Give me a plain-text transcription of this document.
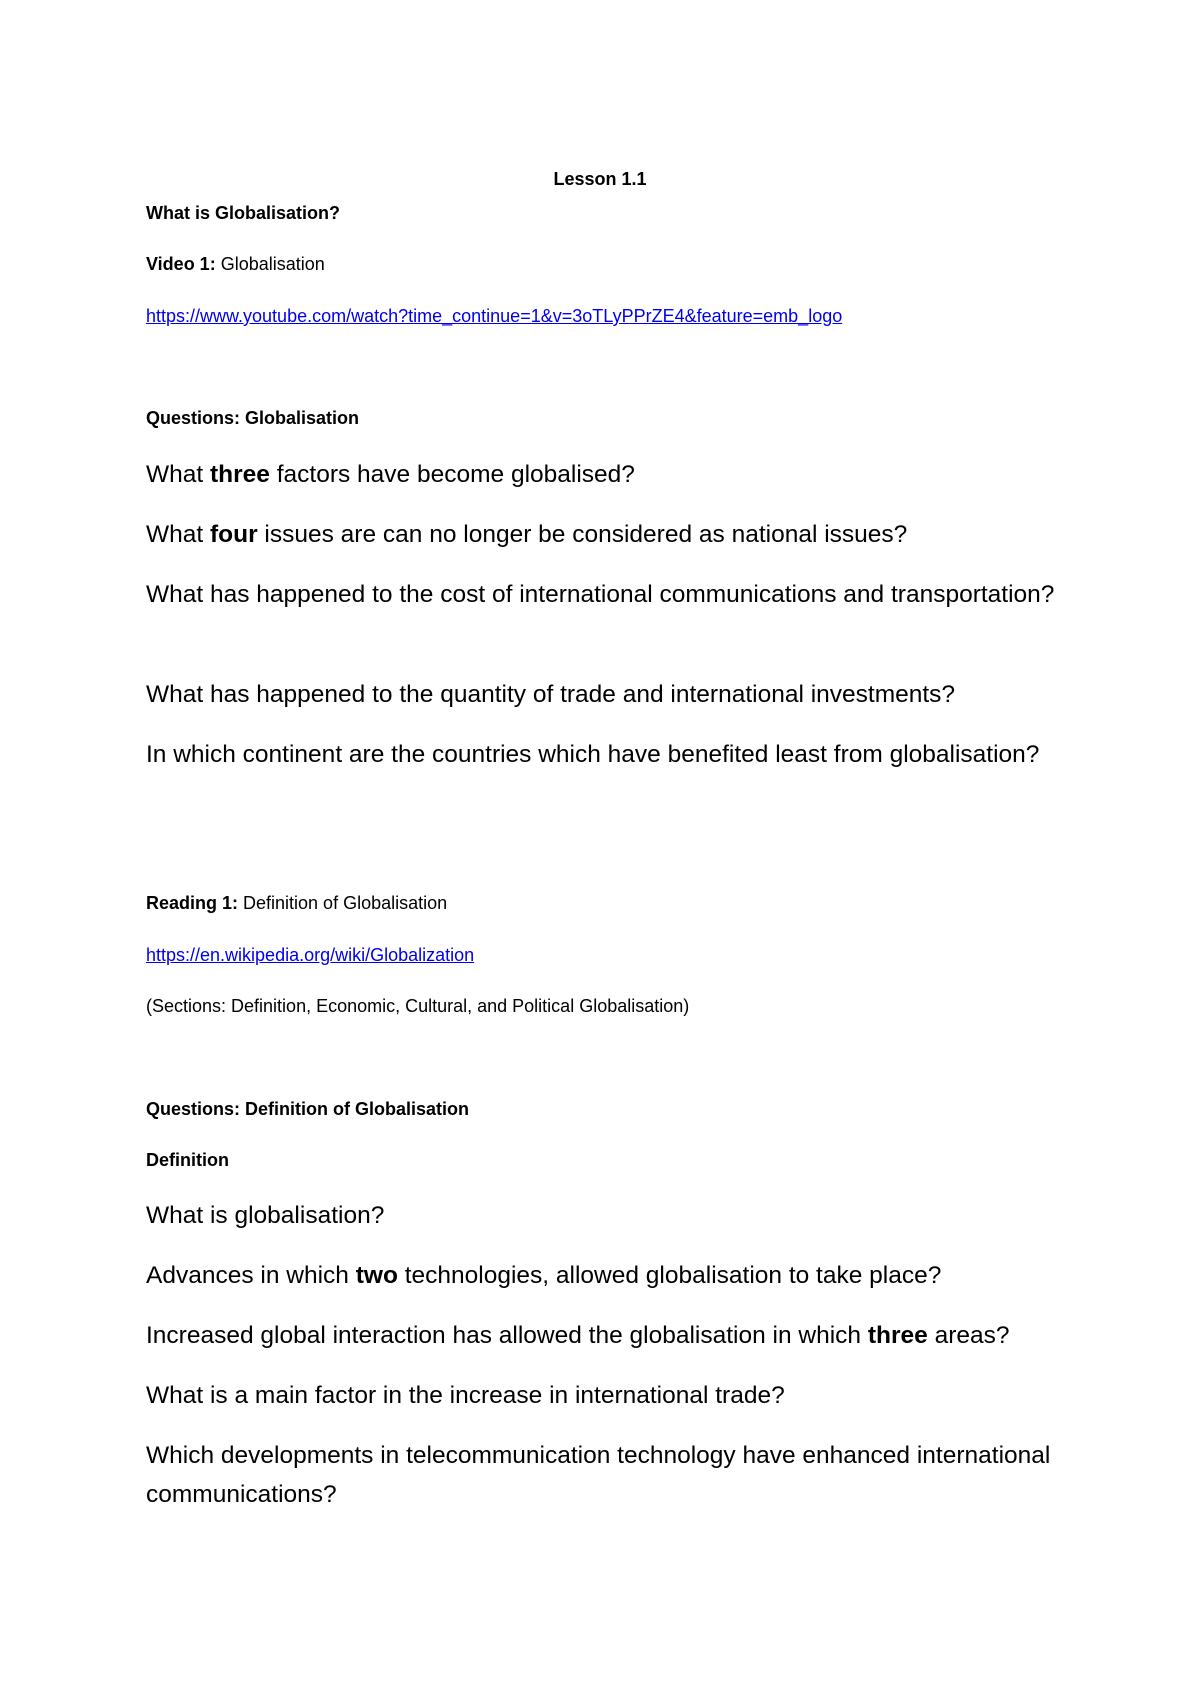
Lesson 1.1

What is Globalisation?

Video 1: Globalisation

https://www.youtube.com/watch?time_continue=1&v=3oTLyPPrZE4&feature=emb_logo

Questions: Globalisation

What three factors have become globalised?

What four issues are can no longer be considered as national issues?

What has happened to the cost of international communications and transportation?

What has happened to the quantity of trade and international investments?

In which continent are the countries which have benefited least from globalisation?

Reading 1: Definition of Globalisation

https://en.wikipedia.org/wiki/Globalization

(Sections: Definition, Economic, Cultural, and Political Globalisation)

Questions: Definition of Globalisation

Definition

What is globalisation?

Advances in which two technologies, allowed globalisation to take place?

Increased global interaction has allowed the globalisation in which three areas?

What is a main factor in the increase in international trade?

Which developments in telecommunication technology have enhanced international communications?
